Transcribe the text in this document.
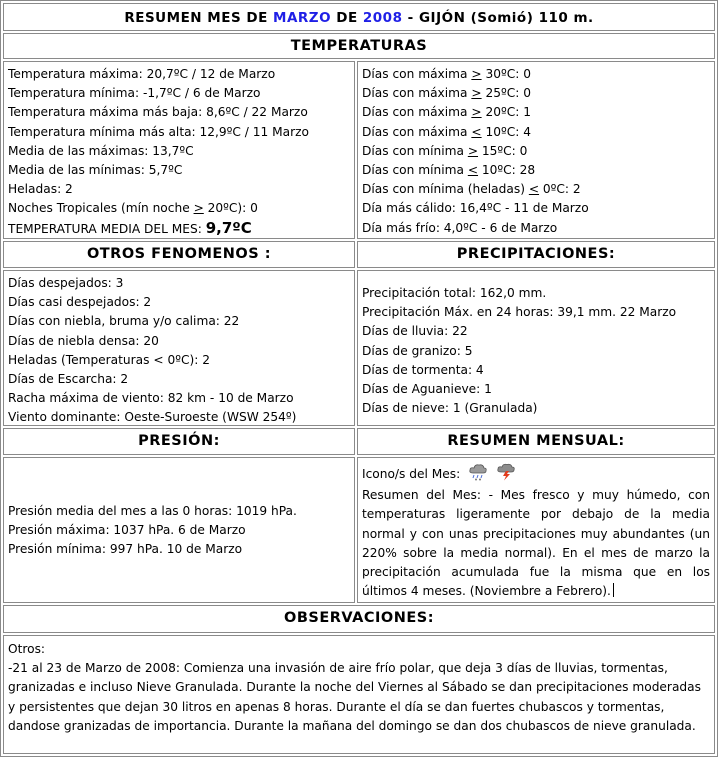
RESUMEN MES DE MARZO DE 2008 - GIJÓN (Somió) 110 m.
TEMPERATURAS
Temperatura máxima: 20,7ºC / 12 de Marzo
Temperatura mínima: -1,7ºC / 6 de Marzo
Temperatura máxima más baja: 8,6ºC / 22 Marzo
Temperatura mínima más alta: 12,9ºC / 11 Marzo
Media de las máximas: 13,7ºC
Media de las mínimas: 5,7ºC
Heladas: 2
Noches Tropicales (mín noche > 20ºC): 0
TEMPERATURA MEDIA DEL MES: 9,7ºC
Días con máxima > 30ºC: 0
Días con máxima > 25ºC: 0
Días con máxima > 20ºC: 1
Días con máxima < 10ºC: 4
Días con mínima > 15ºC: 0
Días con mínima < 10ºC: 28
Días con mínima (heladas) < 0ºC: 2
Día más cálido: 16,4ºC - 11 de Marzo
Día más frío: 4,0ºC - 6 de Marzo
OTROS FENOMENOS :	PRECIPITACIONES:
Días despejados: 3
Días casi despejados: 2
Días con niebla, bruma y/o calima: 22
Días de niebla densa: 20
Heladas (Temperaturas < 0ºC): 2
Días de Escarcha: 2
Racha máxima de viento: 82 km - 10 de Marzo
Viento dominante: Oeste-Suroeste (WSW 254º)
Precipitación total: 162,0 mm.
Precipitación Máx. en 24 horas: 39,1 mm. 22 Marzo
Días de lluvia: 22
Días de granizo: 5
Días de tormenta: 4
Días de Aguanieve: 1
Días de nieve: 1 (Granulada)
PRESIÓN:	RESUMEN MENSUAL:
Presión media del mes a las 0 horas: 1019 hPa.
Presión máxima: 1037 hPa. 6 de Marzo
Presión mínima: 997 hPa. 10 de Marzo
Icono/s del Mes:
Resumen del Mes: - Mes fresco y muy húmedo, con temperaturas ligeramente por debajo de la media normal y con unas precipitaciones muy abundantes (un 220% sobre la media normal). En el mes de marzo la precipitación acumulada fue la misma que en los últimos 4 meses. (Noviembre a Febrero).
OBSERVACIONES:
Otros:
-21 al 23 de Marzo de 2008: Comienza una invasión de aire frío polar, que deja 3 días de lluvias, tormentas, granizadas e incluso Nieve Granulada. Durante la noche del Viernes al Sábado se dan precipitaciones moderadas y persistentes que dejan 30 litros en apenas 8 horas. Durante el día se dan fuertes chubascos y tormentas, dandose granizadas de importancia. Durante la mañana del domingo se dan dos chubascos de nieve granulada.
